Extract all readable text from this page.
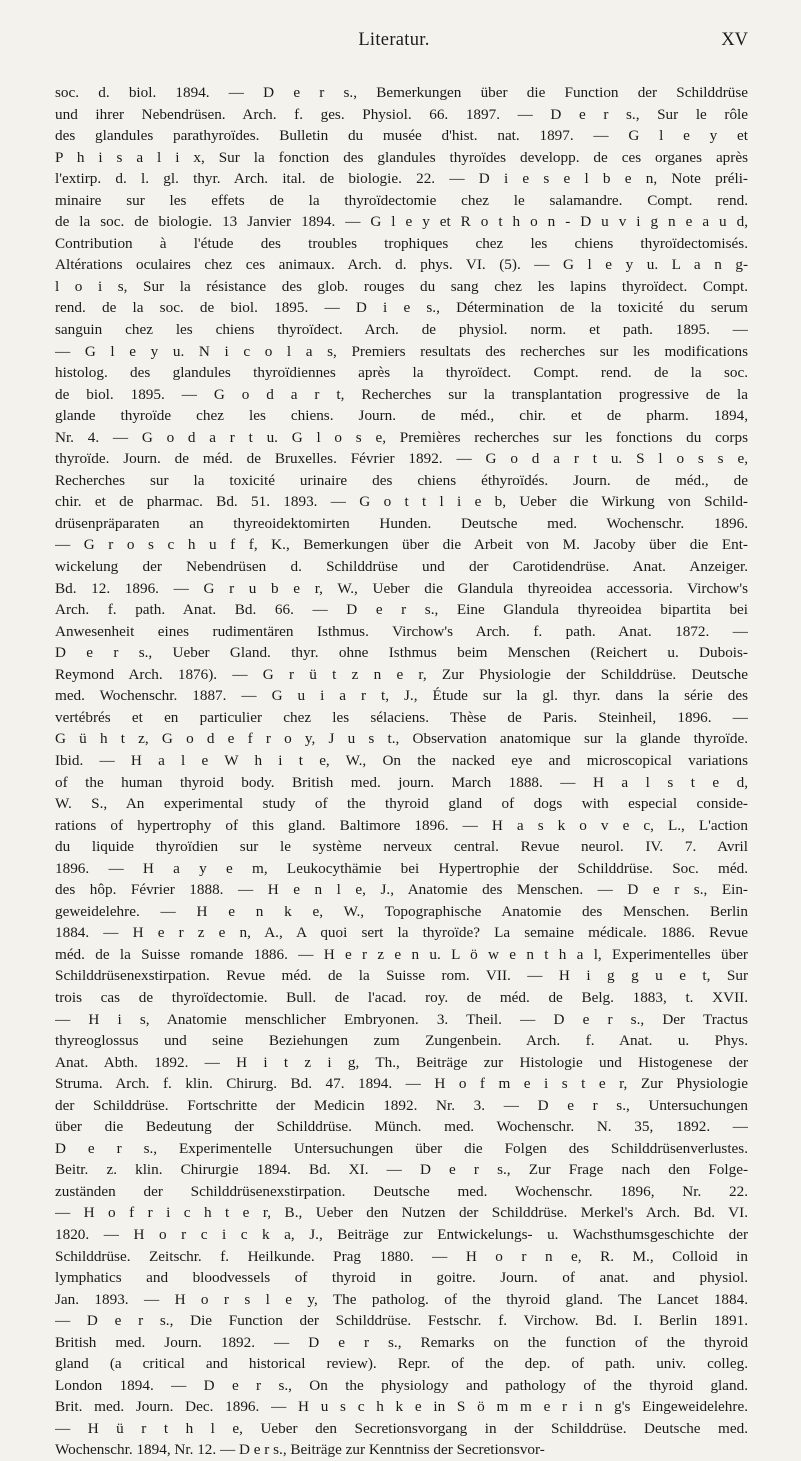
Literatur.	XV
soc. d. biol. 1894. — D e r s., Bemerkungen über die Function der Schilddrüse
und ihrer Nebendrüsen. Arch. f. ges. Physiol. 66. 1897. — D e r s., Sur le rôle
des glandules parathyroïdes. Bulletin du musée d'hist. nat. 1897. — G l e y et
P h i s a l i x, Sur la fonction des glandules thyroïdes developp. de ces organes après
l'extirp. d. l. gl. thyr. Arch. ital. de biologie. 22. — D i e s e l b e n, Note préli-
minaire sur les effets de la thyroïdectomie chez le salamandre. Compt. rend.
de la soc. de biologie. 13 Janvier 1894. — G l e y et R o t h o n - D u v i g n e a u d,
Contribution à l'étude des troubles trophiques chez les chiens thyroïdectomisés.
Altérations oculaires chez ces animaux. Arch. d. phys. VI. (5). — G l e y u. L a n g-
l o i s, Sur la résistance des glob. rouges du sang chez les lapins thyroïdect. Compt.
rend. de la soc. de biol. 1895. — D i e s., Détermination de la toxicité du serum
sanguin chez les chiens thyroïdect. Arch. de physiol. norm. et path. 1895. —
— G l e y u. N i c o l a s, Premiers resultats des recherches sur les modifications
histolog. des glandules thyroïdiennes après la thyroïdect. Compt. rend. de la soc.
de biol. 1895. — G o d a r t, Recherches sur la transplantation progressive de la
glande thyroïde chez les chiens. Journ. de méd., chir. et de pharm. 1894,
Nr. 4. — G o d a r t u. G l o s e, Premières recherches sur les fonctions du corps
thyroïde. Journ. de méd. de Bruxelles. Février 1892. — G o d a r t u. S l o s s e,
Recherches sur la toxicité urinaire des chiens éthyroïdés. Journ. de méd., de
chir. et de pharmac. Bd. 51. 1893. — G o t t l i e b, Ueber die Wirkung von Schild-
drüsenpräparaten an thyreoidektomirten Hunden. Deutsche med. Wochenschr. 1896.
— G r o s c h u f f, K., Bemerkungen über die Arbeit von M. Jacoby über die Ent-
wickelung der Nebendrüsen d. Schilddrüse und der Carotidendrüse. Anat. Anzeiger.
Bd. 12. 1896. — G r u b e r, W., Ueber die Glandula thyreoidea accessoria. Virchow's
Arch. f. path. Anat. Bd. 66. — D e r s., Eine Glandula thyreoidea bipartita bei
Anwesenheit eines rudimentären Isthmus. Virchow's Arch. f. path. Anat. 1872. —
D e r s., Ueber Gland. thyr. ohne Isthmus beim Menschen (Reichert u. Dubois-
Reymond Arch. 1876). — G r ü t z n e r, Zur Physiologie der Schilddrüse. Deutsche
med. Wochenschr. 1887. — G u i a r t, J., Étude sur la gl. thyr. dans la série des
vertébrés et en particulier chez les sélaciens. Thèse de Paris. Steinheil, 1896. —
G ü h t z, G o d e f r o y, J u s t., Observation anatomique sur la glande thyroïde.
Ibid. — H a l e W h i t e, W., On the nacked eye and microscopical variations
of the human thyroid body. British med. journ. March 1888. — H a l s t e d,
W. S., An experimental study of the thyroid gland of dogs with especial conside-
rations of hypertrophy of this gland. Baltimore 1896. — H a s k o v e c, L., L'action
du liquide thyroïdien sur le système nerveux central. Revue neurol. IV. 7. Avril
1896. — H a y e m, Leukocythämie bei Hypertrophie der Schilddrüse. Soc. méd.
des hôp. Février 1888. — H e n l e, J., Anatomie des Menschen. — D e r s., Ein-
geweidelehre. — H e n k e, W., Topographische Anatomie des Menschen. Berlin
1884. — H e r z e n, A., A quoi sert la thyroïde? La semaine médicale. 1886. Revue
méd. de la Suisse romande 1886. — H e r z e n u. L ö w e n t h a l, Experimentelles über
Schilddrüsenexstirpation. Revue méd. de la Suisse rom. VII. — H i g g u e t, Sur
trois cas de thyroïdectomie. Bull. de l'acad. roy. de méd. de Belg. 1883, t. XVII.
— H i s, Anatomie menschlicher Embryonen. 3. Theil. — D e r s., Der Tractus
thyreoglossus und seine Beziehungen zum Zungenbein. Arch. f. Anat. u. Phys.
Anat. Abth. 1892. — H i t z i g, Th., Beiträge zur Histologie und Histogenese der
Struma. Arch. f. klin. Chirurg. Bd. 47. 1894. — H o f m e i s t e r, Zur Physiologie
der Schilddrüse. Fortschritte der Medicin 1892. Nr. 3. — D e r s., Untersuchungen
über die Bedeutung der Schilddrüse. Münch. med. Wochenschr. N. 35, 1892. —
D e r s., Experimentelle Untersuchungen über die Folgen des Schilddrüsenverlustes.
Beitr. z. klin. Chirurgie 1894. Bd. XI. — D e r s., Zur Frage nach den Folge-
zuständen der Schilddrüsenexstirpation. Deutsche med. Wochenschr. 1896, Nr. 22.
— H o f r i c h t e r, B., Ueber den Nutzen der Schilddrüse. Merkel's Arch. Bd. VI.
1820. — H o r c i c k a, J., Beiträge zur Entwickelungs- u. Wachsthumsgeschichte der
Schilddrüse. Zeitschr. f. Heilkunde. Prag 1880. — H o r n e, R. M., Colloid in
lymphatics and bloodvessels of thyroid in goitre. Journ. of anat. and physiol.
Jan. 1893. — H o r s l e y, The patholog. of the thyroid gland. The Lancet 1884.
— D e r s., Die Function der Schilddrüse. Festschr. f. Virchow. Bd. I. Berlin 1891.
British med. Journ. 1892. — D e r s., Remarks on the function of the thyroid
gland (a critical and historical review). Repr. of the dep. of path. univ. colleg.
London 1894. — D e r s., On the physiology and pathology of the thyroid gland.
Brit. med. Journ. Dec. 1896. — H u s c h k e in S ö m m e r i n g's Eingeweidelehre.
— H ü r t h l e, Ueber den Secretionsvorgang in der Schilddrüse. Deutsche med.
Wochenschr. 1894, Nr. 12. — D e r s., Beiträge zur Kenntniss der Secretionsvor-
